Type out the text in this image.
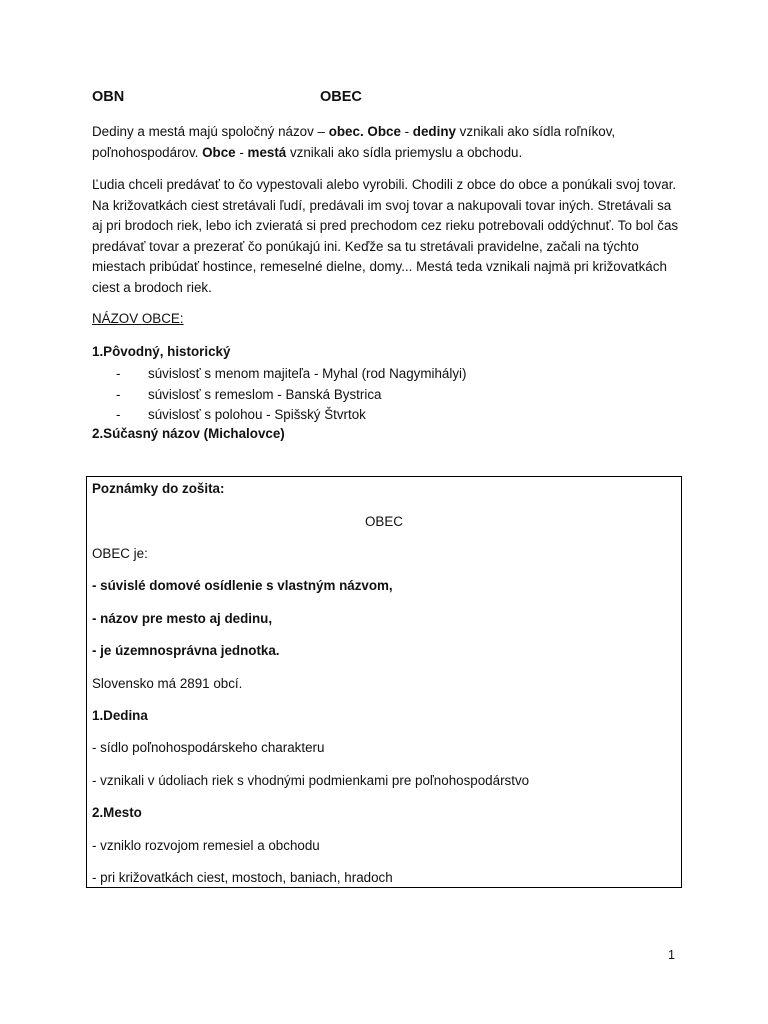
OBN	OBEC
Dediny a mestá majú spoločný názov – obec. Obce - dediny vznikali ako sídla roľníkov, poľnohospodárov. Obce - mestá vznikali ako sídla priemyslu a obchodu.
Ľudia chceli predávať to čo vypestovali alebo vyrobili. Chodili z obce do obce a ponúkali svoj tovar. Na križovatkách ciest stretávali ľudí, predávali im svoj tovar a nakupovali tovar iných. Stretávali sa aj pri brodoch riek, lebo ich zvieratá si pred prechodom cez rieku potrebovali oddýchnuť. To bol čas predávať tovar a prezerať čo ponúkajú ini. Keďže sa tu stretávali pravidelne, začali na týchto miestach pribúdať hostince, remeselné dielne, domy... Mestá teda vznikali najmä pri križovatkách ciest a brodoch riek.
NÁZOV OBCE:
1.Pôvodný, historický
- súvislosť s menom majiteľa - Myhal (rod Nagymihályi)
- súvislosť s remeslom - Banská Bystrica
- súvislosť s polohou - Spišský Štvrtok
2.Súčasný názov (Michalovce)
Poznámky do zošita:
OBEC
OBEC je:
- súvislé domové osídlenie s vlastným názvom,
- názov pre mesto aj dedinu,
- je územnosprávna jednotka.
Slovensko má 2891 obcí.
1.Dedina
- sídlo poľnohospodárskeho charakteru
- vznikali v údoliach riek s vhodnými podmienkami pre poľnohospodárstvo
2.Mesto
- vzniklo rozvojom remesiel a obchodu
- pri križovatkách ciest, mostoch, baniach, hradoch
1
